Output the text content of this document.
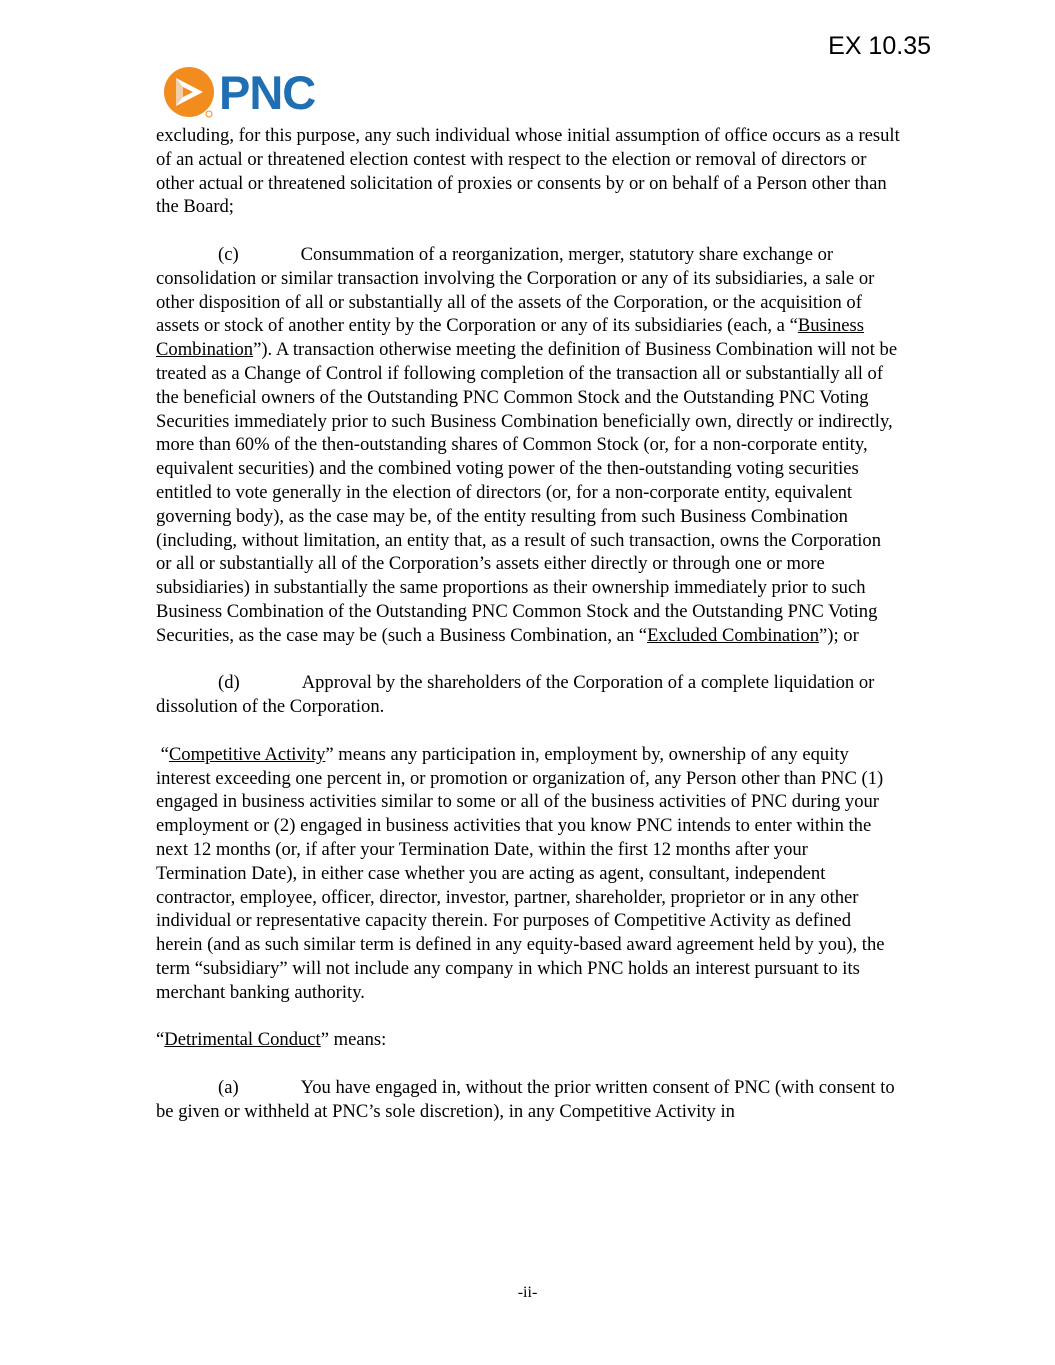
EX 10.35
PNC

excluding, for this purpose, any such individual whose initial assumption of office occurs as a result of an actual or threatened election contest with respect to the election or removal of directors or other actual or threatened solicitation of proxies or consents by or on behalf of a Person other than the Board;

(c)	Consummation of a reorganization, merger, statutory share exchange or consolidation or similar transaction involving the Corporation or any of its subsidiaries, a sale or other disposition of all or substantially all of the assets of the Corporation, or the acquisition of assets or stock of another entity by the Corporation or any of its subsidiaries (each, a “Business Combination”). A transaction otherwise meeting the definition of Business Combination will not be treated as a Change of Control if following completion of the transaction all or substantially all of the beneficial owners of the Outstanding PNC Common Stock and the Outstanding PNC Voting Securities immediately prior to such Business Combination beneficially own, directly or indirectly, more than 60% of the then-outstanding shares of Common Stock (or, for a non-corporate entity, equivalent securities) and the combined voting power of the then-outstanding voting securities entitled to vote generally in the election of directors (or, for a non-corporate entity, equivalent governing body), as the case may be, of the entity resulting from such Business Combination (including, without limitation, an entity that, as a result of such transaction, owns the Corporation or all or substantially all of the Corporation’s assets either directly or through one or more subsidiaries) in substantially the same proportions as their ownership immediately prior to such Business Combination of the Outstanding PNC Common Stock and the Outstanding PNC Voting Securities, as the case may be (such a Business Combination, an “Excluded Combination”); or

(d)	Approval by the shareholders of the Corporation of a complete liquidation or dissolution of the Corporation.

“Competitive Activity” means any participation in, employment by, ownership of any equity interest exceeding one percent in, or promotion or organization of, any Person other than PNC (1) engaged in business activities similar to some or all of the business activities of PNC during your employment or (2) engaged in business activities that you know PNC intends to enter within the next 12 months (or, if after your Termination Date, within the first 12 months after your Termination Date), in either case whether you are acting as agent, consultant, independent contractor, employee, officer, director, investor, partner, shareholder, proprietor or in any other individual or representative capacity therein. For purposes of Competitive Activity as defined herein (and as such similar term is defined in any equity-based award agreement held by you), the term “subsidiary” will not include any company in which PNC holds an interest pursuant to its merchant banking authority.

“Detrimental Conduct” means:

(a)	You have engaged in, without the prior written consent of PNC (with consent to be given or withheld at PNC’s sole discretion), in any Competitive Activity in

-ii-
